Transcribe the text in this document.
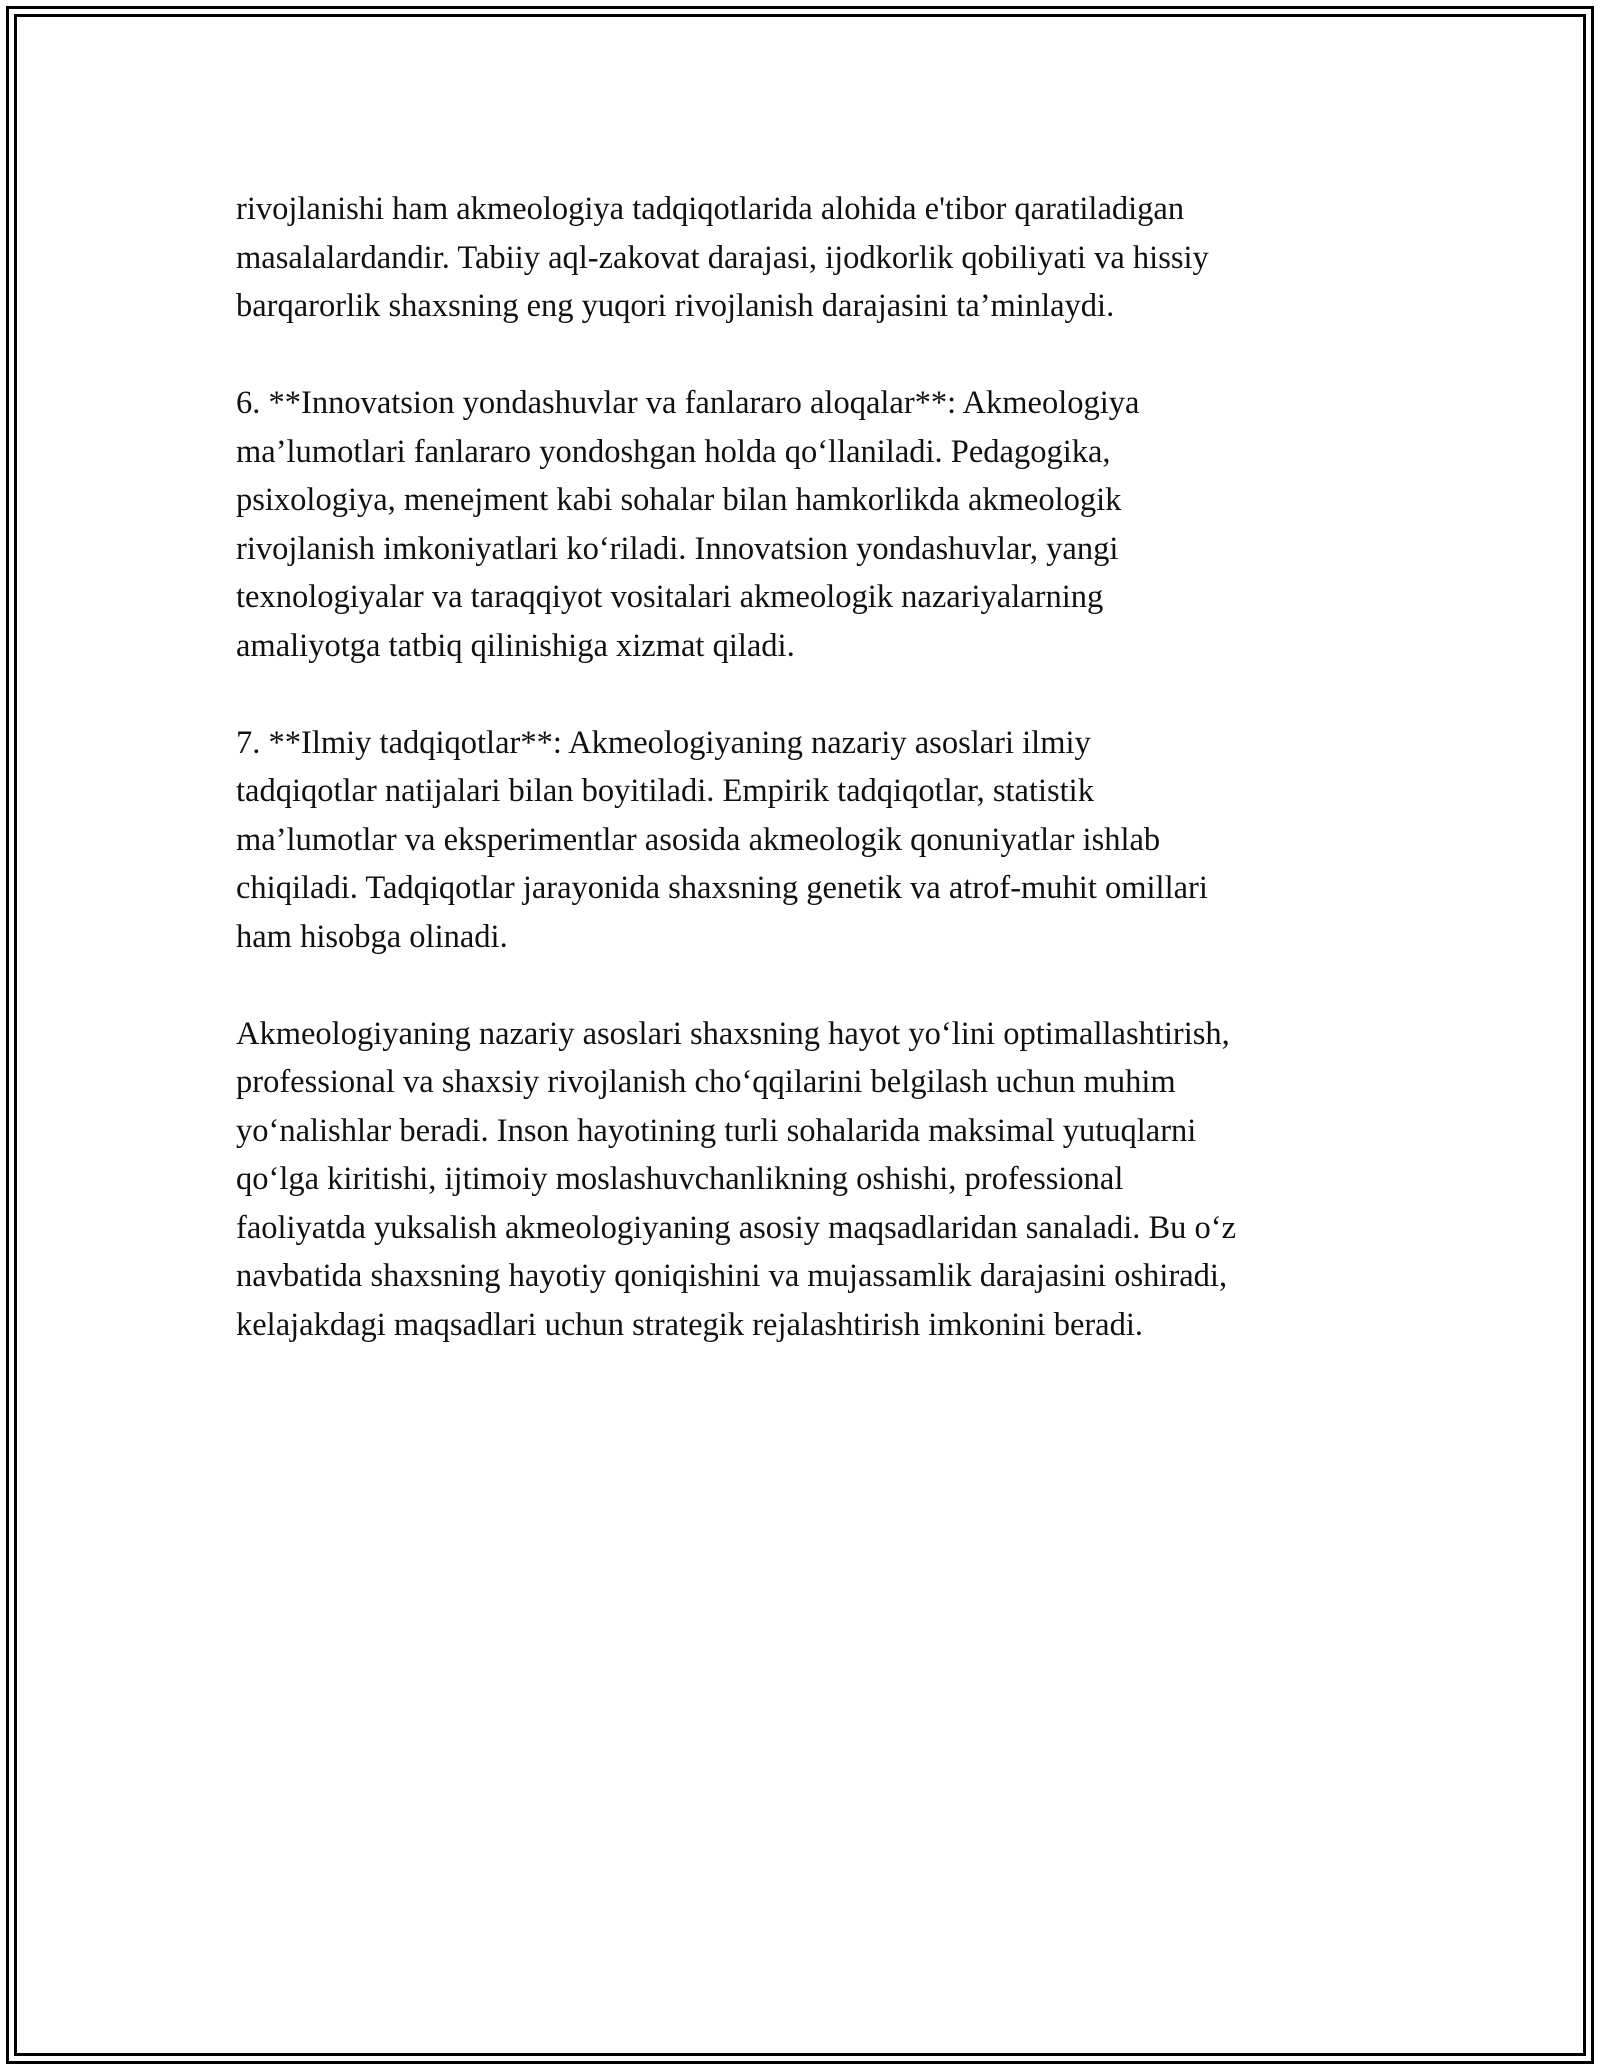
rivojlanishi ham akmeologiya tadqiqotlarida alohida e'tibor qaratiladigan
masalalardandir. Tabiiy aql-zakovat darajasi, ijodkorlik qobiliyati va hissiy
barqarorlik shaxsning eng yuqori rivojlanish darajasini ta’minlaydi.

6. **Innovatsion yondashuvlar va fanlararo aloqalar**: Akmeologiya
ma’lumotlari fanlararo yondoshgan holda qo‘llaniladi. Pedagogika,
psixologiya, menejment kabi sohalar bilan hamkorlikda akmeologik
rivojlanish imkoniyatlari ko‘riladi. Innovatsion yondashuvlar, yangi
texnologiyalar va taraqqiyot vositalari akmeologik nazariyalarning
amaliyotga tatbiq qilinishiga xizmat qiladi.

7. **Ilmiy tadqiqotlar**: Akmeologiyaning nazariy asoslari ilmiy
tadqiqotlar natijalari bilan boyitiladi. Empirik tadqiqotlar, statistik
ma’lumotlar va eksperimentlar asosida akmeologik qonuniyatlar ishlab
chiqiladi. Tadqiqotlar jarayonida shaxsning genetik va atrof-muhit omillari
ham hisobga olinadi.

Akmeologiyaning nazariy asoslari shaxsning hayot yo‘lini optimallashtirish,
professional va shaxsiy rivojlanish cho‘qqilarini belgilash uchun muhim
yo‘nalishlar beradi. Inson hayotining turli sohalarida maksimal yutuqlarni
qo‘lga kiritishi, ijtimoiy moslashuvchanlikning oshishi, professional
faoliyatda yuksalish akmeologiyaning asosiy maqsadlaridan sanaladi. Bu o‘z
navbatida shaxsning hayotiy qoniqishini va mujassamlik darajasini oshiradi,
kelajakdagi maqsadlari uchun strategik rejalashtirish imkonini beradi.
